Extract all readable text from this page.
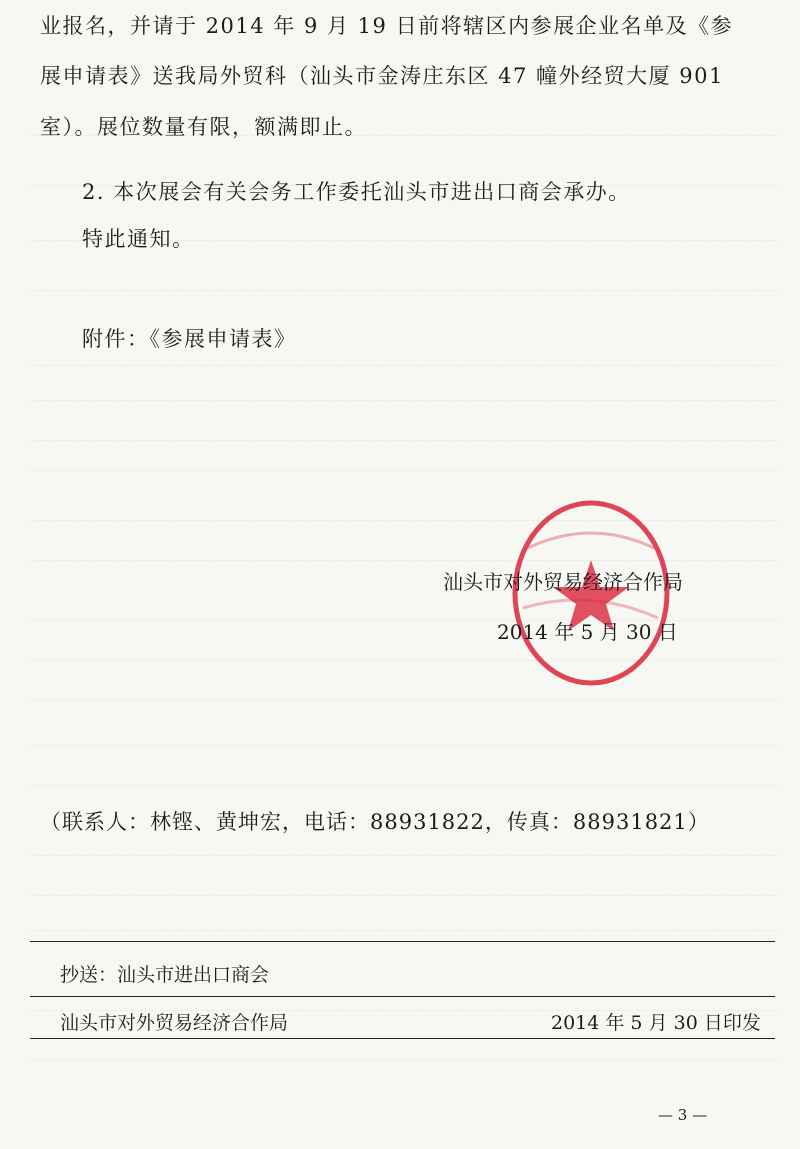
业报名，并请于 2014 年 9 月 19 日前将辖区内参展企业名单及《参
展申请表》送我局外贸科（汕头市金涛庄东区 47 幢外经贸大厦 901
室）。展位数量有限，额满即止。
2. 本次展会有关会务工作委托汕头市进出口商会承办。
特此通知。
附件：《参展申请表》
汕头市对外贸易经济合作局
2014 年 5 月 30 日
（联系人：林铿、黄坤宏，电话：88931822，传真：88931821）
抄送：汕头市进出口商会
汕头市对外贸易经济合作局	2014 年 5 月 30 日印发
— 3 —
